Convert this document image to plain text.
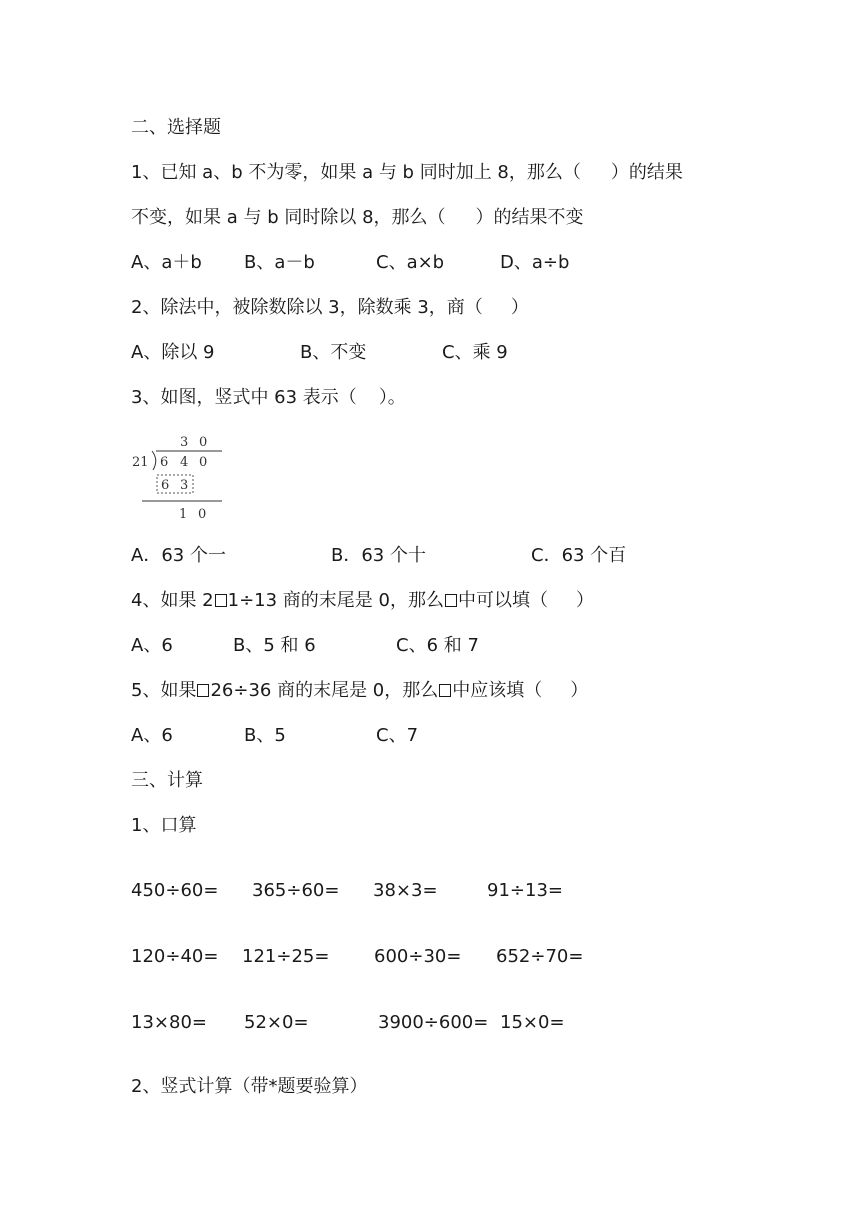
二、选择题
1、已知 a、b 不为零，如果 a 与 b 同时加上 8，那么（ ）的结果
不变，如果 a 与 b 同时除以 8，那么（ ）的结果不变
A、a＋b B、a－b	C、a×b	D、a÷b
2、除法中，被除数除以 3，除数乘 3，商（ ）
A、除以 9	B、不变	C、乘 9
3、如图，竖式中 63 表示（ ）。
3 0
21 6 4 0
6 3
1 0
A．63 个一	B．63 个十	C．63 个百
4、如果 2 1÷13 商的末尾是 0，那么 中可以填（ ）
A、6	B、5 和 6	C、6 和 7
5、如果 26÷36 商的末尾是 0，那么 中应该填（ ）
A、6	B、5	C、7
三、计算
1、口算
450÷60= 365÷60= 38×3=	91÷13=
120÷40= 121÷25= 600÷30= 652÷70=
13×80= 52×0=	3900÷600= 15×0=
2、竖式计算（带*题要验算）
